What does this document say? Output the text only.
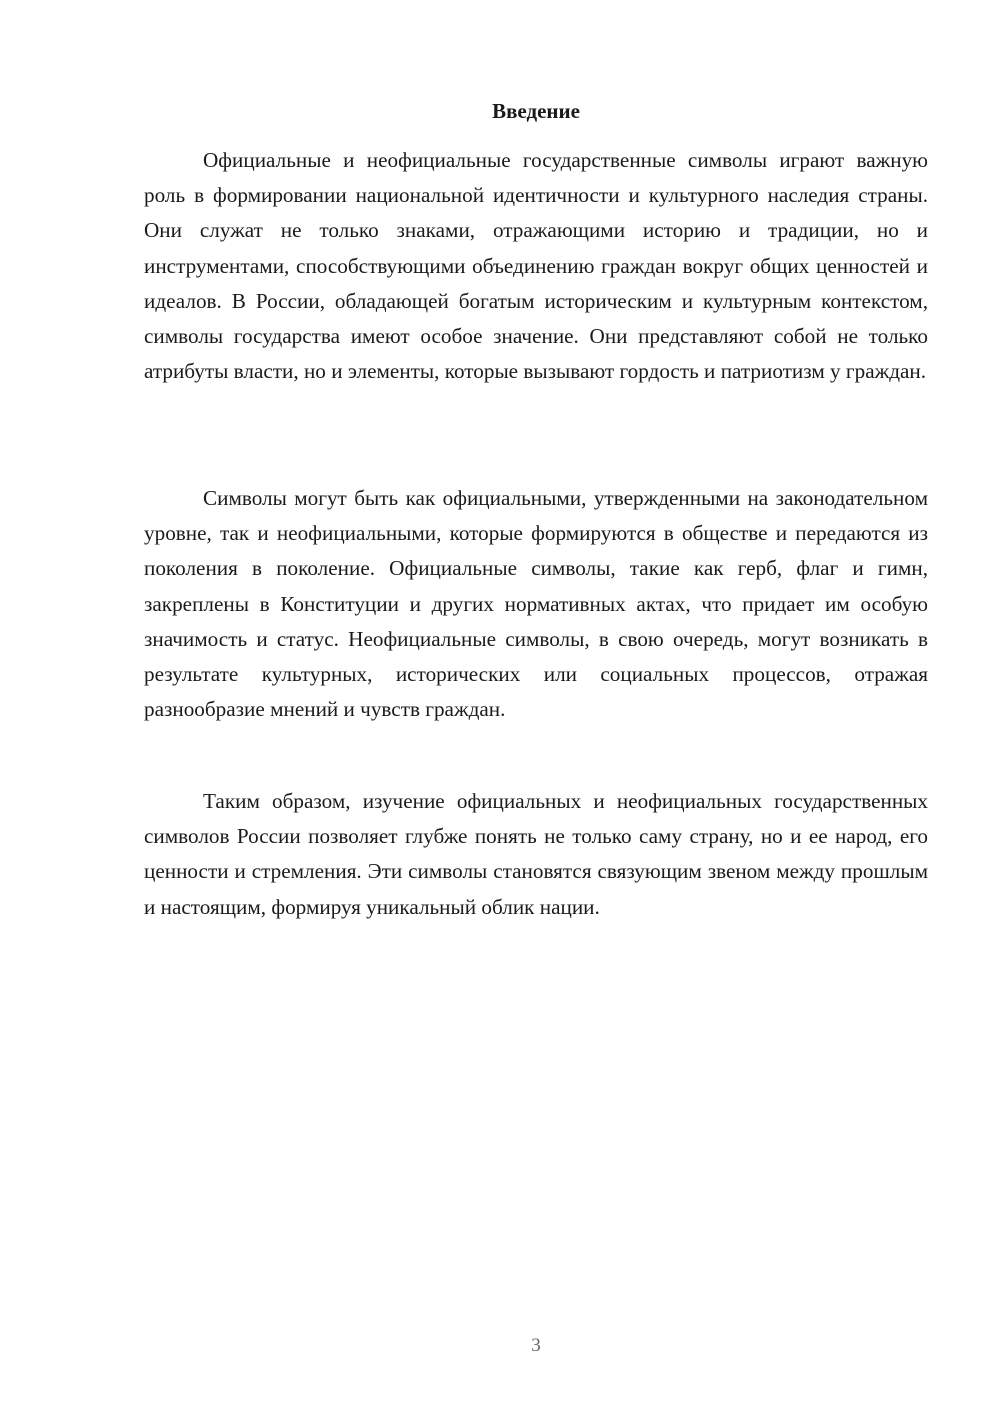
Введение

Официальные и неофициальные государственные символы играют важную роль в формировании национальной идентичности и культурного наследия страны. Они служат не только знаками, отражающими историю и традиции, но и инструментами, способствующими объединению граждан вокруг общих ценностей и идеалов. В России, обладающей богатым историческим и культурным контекстом, символы государства имеют особое значение. Они представляют собой не только атрибуты власти, но и элементы, которые вызывают гордость и патриотизм у граждан.

Символы могут быть как официальными, утвержденными на законодательном уровне, так и неофициальными, которые формируются в обществе и передаются из поколения в поколение. Официальные символы, такие как герб, флаг и гимн, закреплены в Конституции и других нормативных актах, что придает им особую значимость и статус. Неофициальные символы, в свою очередь, могут возникать в результате культурных, исторических или социальных процессов, отражая разнообразие мнений и чувств граждан.

Таким образом, изучение официальных и неофициальных государственных символов России позволяет глубже понять не только саму страну, но и ее народ, его ценности и стремления. Эти символы становятся связующим звеном между прошлым и настоящим, формируя уникальный облик нации.

3
